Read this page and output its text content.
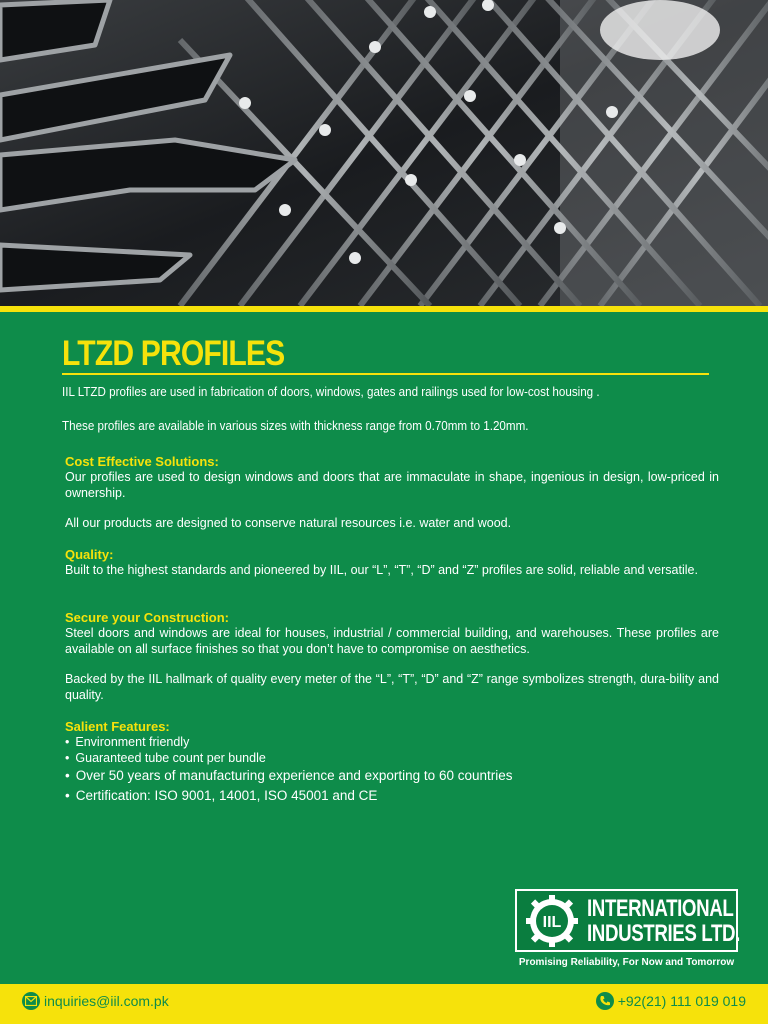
LTZD PROFILES

IIL LTZD profiles are used in fabrication of doors, windows, gates and railings used for low-cost housing .

These profiles are available in various sizes with thickness range from 0.70mm to 1.20mm.

Cost Effective Solutions:

Our profiles are used to design windows and doors that are immaculate in shape, ingenious in design, low-priced in ownership.

All our products are designed to conserve natural resources i.e. water and wood.

Quality:

Built to the highest standards and pioneered by IIL, our “L”, “T”, “D” and “Z” profiles are solid, reliable and versatile.

Secure your Construction:

Steel doors and windows are ideal for houses, industrial / commercial building, and warehouses. These profiles are available on all surface finishes so that you don’t have to compromise on aesthetics.

Backed by the IIL hallmark of quality every meter of the “L”, “T”, “D” and “Z” range symbolizes strength, dura-bility and quality.

Salient Features:
• Environment friendly
• Guaranteed tube count per bundle
• Over 50 years of manufacturing experience and exporting to 60 countries
• Certification: ISO 9001, 14001, ISO 45001 and CE
IIL
INTERNATIONAL
INDUSTRIES LTD.
Promising Reliability, For Now and Tomorrow
inquiries@iil.com.pk	+92(21) 111 019 019
